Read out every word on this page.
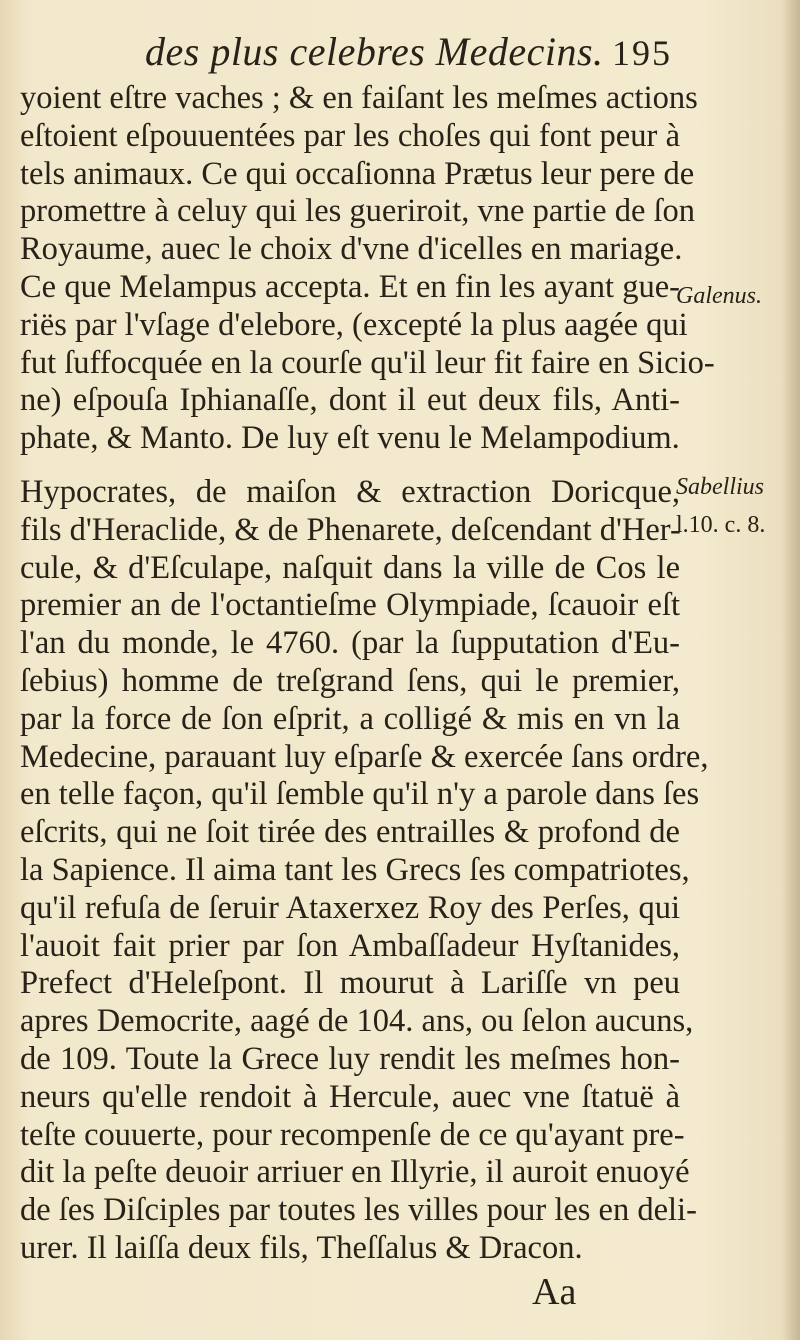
des plus celebres Medecins. 195
yoient eſtre vaches ; & en faiſant les meſmes actions
eſtoient eſpouuentées par les choſes qui font peur à
tels animaux. Ce qui occaſionna Prætus leur pere de
promettre à celuy qui les gueriroit, vne partie de ſon
Royaume, auec le choix d'vne d'icelles en mariage.
Ce que Melampus accepta. Et en fin les ayant gue-
riës par l'vſage d'elebore, (excepté la plus aagée qui
fut ſuffocquée en la courſe qu'il leur fit faire en Sicio-
ne) eſpouſa Iphianaſſe, dont il eut deux fils, Anti-
phate, & Manto. De luy eſt venu le Melampodium.
Hypocrates, de maiſon & extraction Doricque,
fils d'Heraclide, & de Phenarete, deſcendant d'Her-
cule, & d'Eſculape, naſquit dans la ville de Cos le
premier an de l'octantieſme Olympiade, ſcauoir eſt
l'an du monde, le 4760. (par la ſupputation d'Eu-
ſebius) homme de treſgrand ſens, qui le premier,
par la force de ſon eſprit, a colligé & mis en vn la
Medecine, parauant luy eſparſe & exercée ſans ordre,
en telle façon, qu'il ſemble qu'il n'y a parole dans ſes
eſcrits, qui ne ſoit tirée des entrailles & profond de
la Sapience. Il aima tant les Grecs ſes compatriotes,
qu'il refuſa de ſeruir Ataxerxez Roy des Perſes, qui
l'auoit fait prier par ſon Ambaſſadeur Hyſtanides,
Prefect d'Heleſpont. Il mourut à Lariſſe vn peu
apres Democrite, aagé de 104. ans, ou ſelon aucuns,
de 109. Toute la Grece luy rendit les meſmes hon-
neurs qu'elle rendoit à Hercule, auec vne ſtatuë à
teſte couuerte, pour recompenſe de ce qu'ayant pre-
dit la peſte deuoir arriuer en Illyrie, il auroit enuoyé
de ſes Diſciples par toutes les villes pour les en deli-
urer. Il laiſſa deux fils, Theſſalus & Dracon.
Galenus.
Sabellius
l.10. c. 8.
Aa
